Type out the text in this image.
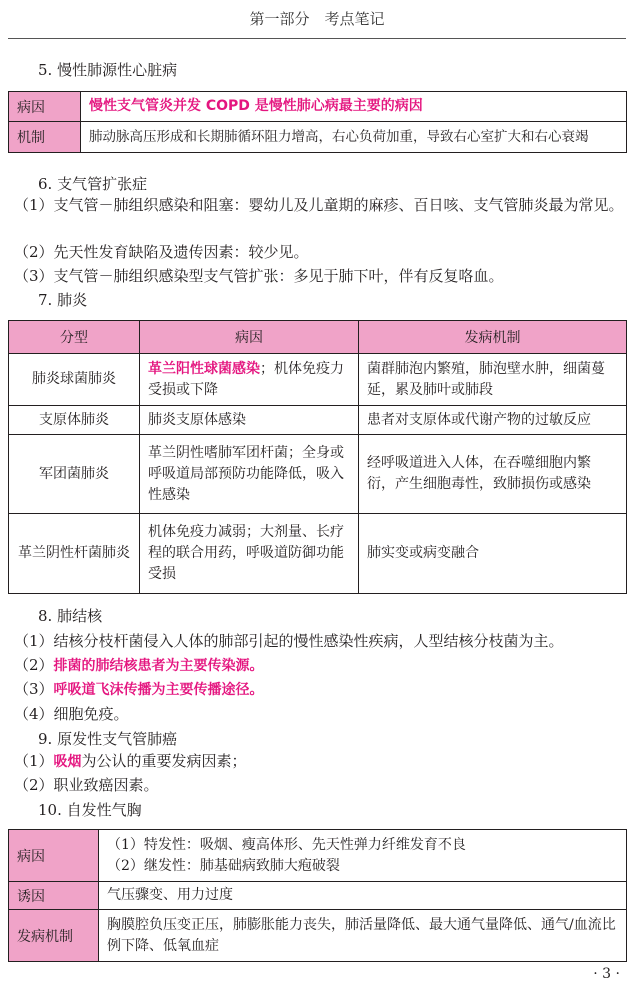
第一部分　考点笔记
5. 慢性肺源性心脏病
病因	慢性支气管炎并发 COPD 是慢性肺心病最主要的病因
机制	肺动脉高压形成和长期肺循环阻力增高，右心负荷加重，导致右心室扩大和右心衰竭
6. 支气管扩张症
（1）支气管－肺组织感染和阻塞：婴幼儿及儿童期的麻疹、百日咳、支气管肺炎最为常见。
（2）先天性发育缺陷及遗传因素：较少见。
（3）支气管－肺组织感染型支气管扩张：多见于肺下叶，伴有反复咯血。
7. 肺炎
分型	病因	发病机制
肺炎球菌肺炎	革兰阳性球菌感染；机体免疫力受损或下降	菌群肺泡内繁殖，肺泡壁水肿，细菌蔓延，累及肺叶或肺段
支原体肺炎	肺炎支原体感染	患者对支原体或代谢产物的过敏反应
军团菌肺炎	革兰阴性嗜肺军团杆菌；全身或呼吸道局部预防功能降低，吸入性感染	经呼吸道进入人体，在吞噬细胞内繁衍，产生细胞毒性，致肺损伤或感染
革兰阴性杆菌肺炎	机体免疫力减弱；大剂量、长疗程的联合用药，呼吸道防御功能受损	肺实变或病变融合
8. 肺结核
（1）结核分枝杆菌侵入人体的肺部引起的慢性感染性疾病，人型结核分枝菌为主。
（2）排菌的肺结核患者为主要传染源。
（3）呼吸道飞沫传播为主要传播途径。
（4）细胞免疫。
9. 原发性支气管肺癌
（1）吸烟为公认的重要发病因素；
（2）职业致癌因素。
10. 自发性气胸
病因	（1）特发性：吸烟、瘦高体形、先天性弹力纤维发育不良
（2）继发性：肺基础病致肺大疱破裂

诱因	气压骤变、用力过度
发病机制	胸膜腔负压变正压，肺膨胀能力丧失，肺活量降低、最大通气量降低、通气/血流比例下降、低氧血症
· 3 ·
